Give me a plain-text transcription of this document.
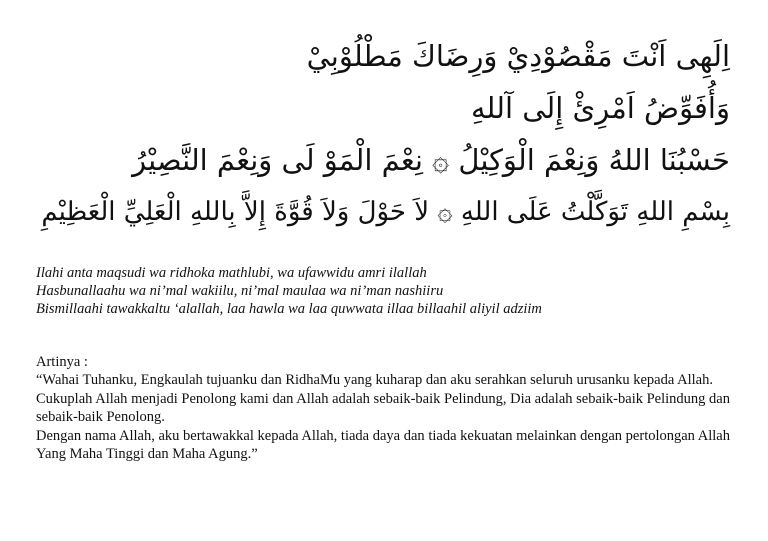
اِلَهِى اَنْتَ مَقْصُوْدِيْ وَرِضَاكَ مَطْلُوْبِيْ
وَأُفَوِّضُ اَمْرِئْ إِلَى آللهِ
حَسْبُنَا اللهُ وَنِعْمَ الْوَكِيْلُ ۞ نِعْمَ الْمَوْ لَى وَنِعْمَ النَّصِيْرُ
بِسْمِ اللهِ تَوَكَّلْتُ عَلَى اللهِ ۞ لاَ حَوْلَ وَلاَ قُوَّةَ إِلاَّ بِاللهِ الْعَلِيِّ الْعَظِيْمِ
Ilahi anta maqsudi wa ridhoka mathlubi, wa ufawwidu amri ilallah
Hasbunallaahu wa ni’mal wakiilu, ni’mal maulaa wa ni’man nashiiru
Bismillaahi tawakkaltu ‘alallah, laa hawla wa laa quwwata illaa billaahil aliyil adziim
Artinya :

“Wahai Tuhanku, Engkaulah tujuanku dan RidhaMu yang kuharap dan aku serahkan seluruh urusanku kepada Allah.

Cukuplah Allah menjadi Penolong kami dan Allah adalah sebaik-baik Pelindung, Dia adalah sebaik-baik Pelindung dan sebaik-baik Penolong.

Dengan nama Allah, aku bertawakkal kepada Allah, tiada daya dan tiada kekuatan melainkan dengan pertolongan Allah Yang Maha Tinggi dan Maha Agung.”
